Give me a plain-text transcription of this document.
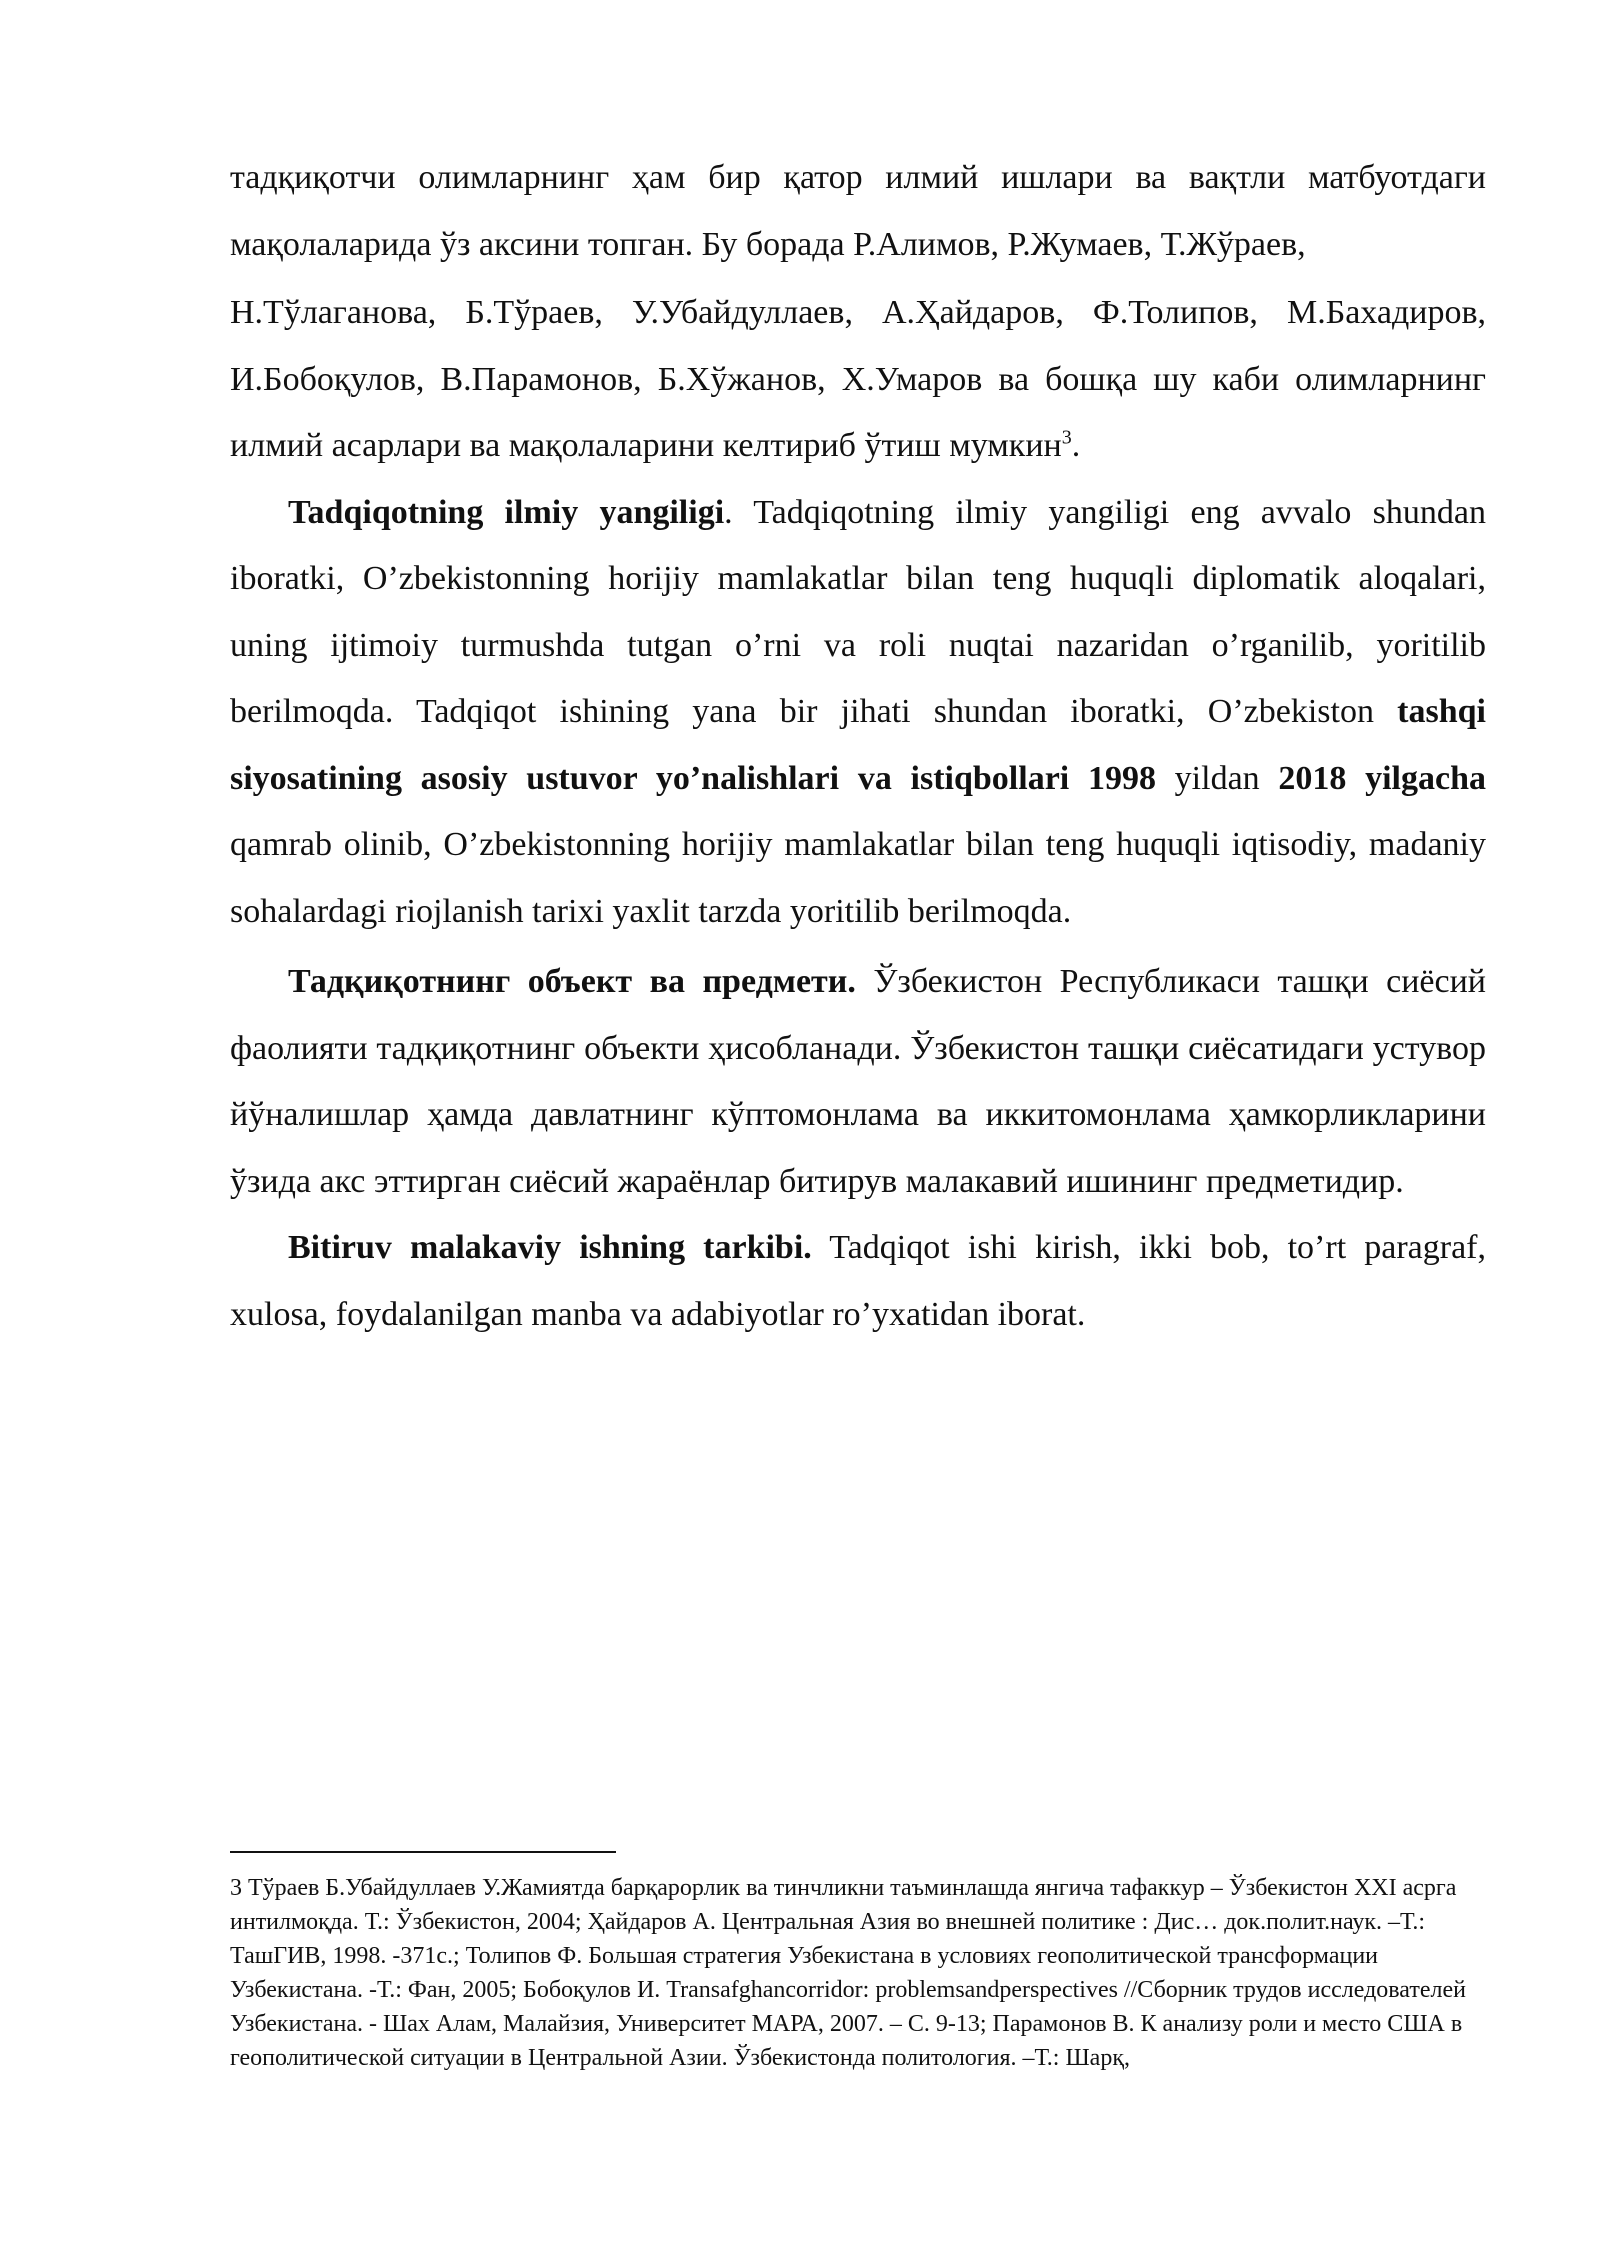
тадқиқотчи олимларнинг ҳам бир қатор илмий ишлари ва вақтли матбуотдаги мақолаларида ўз аксини топган. Бу борада Р.Алимов, Р.Жумаев, Т.Жўраев,

Н.Тўлаганова, Б.Тўраев, У.Убайдуллаев, А.Ҳайдаров, Ф.Толипов, М.Бахадиров, И.Бобоқулов, В.Парамонов, Б.Хўжанов, Х.Умаров ва бошқа шу каби олимларнинг илмий асарлари ва мақолаларини келтириб ўтиш мумкин$^3$.

Tadqiqotning ilmiy yangiligi. Tadqiqotning ilmiy yangiligi eng avvalo shundan iboratki, O’zbekistonning horijiy mamlakatlar bilan teng huquqli diplomatik aloqalari, uning ijtimoiy turmushda tutgan o’rni va roli nuqtai nazaridan o’rganilib, yoritilib berilmoqda. Tadqiqot ishining yana bir jihati shundan iboratki, O’zbekiston tashqi siyosatining asosiy ustuvor yo’nalishlari va istiqbollari 1998 yildan 2018 yilgacha qamrab olinib, O’zbekistonning horijiy mamlakatlar bilan teng huquqli iqtisodiy, madaniy sohalardagi riojlanish tarixi yaxlit tarzda yoritilib berilmoqda.

Тадқиқотнинг объект ва предмети. Ўзбекистон Республикаси ташқи сиёсий фаолияти тадқиқотнинг объекти ҳисобланади. Ўзбекистон ташқи сиёсатидаги устувор йўналишлар ҳамда давлатнинг кўптомонлама ва иккитомонлама ҳамкорликларини ўзида акс эттирган сиёсий жараёнлар битирув малакавий ишининг предметидир.

Bitiruv malakaviy ishning tarkibi. Tadqiqot ishi kirish, ikki bob, to’rt paragraf, xulosa, foydalanilgan manba va adabiyotlar ro’yxatidan iborat.

3 Тўраев Б.Убайдуллаев У.Жамиятда барқарорлик ва тинчликни таъминлашда янгича тафаккур – Ўзбекистон XXI асрга интилмоқда. Т.: Ўзбекистон, 2004; Ҳайдаров А. Центральная Азия во внешней политике : Дис… док.полит.наук. –Т.: ТашГИВ, 1998. -371с.; Толипов Ф. Большая стратегия Узбекистана в условиях геополитической трансформации Узбекистана. -Т.: Фан, 2005; Бобоқулов И. Transafghancorridor: problemsandperspectives //Сборник трудов исследователей Узбекистана. - Шах Алам, Малайзия, Университет МАРА, 2007. – С. 9-13; Парамонов В. К анализу роли и место США в геополитической ситуации в Центральной Азии. Ўзбекистонда политология. –Т.: Шарқ,
